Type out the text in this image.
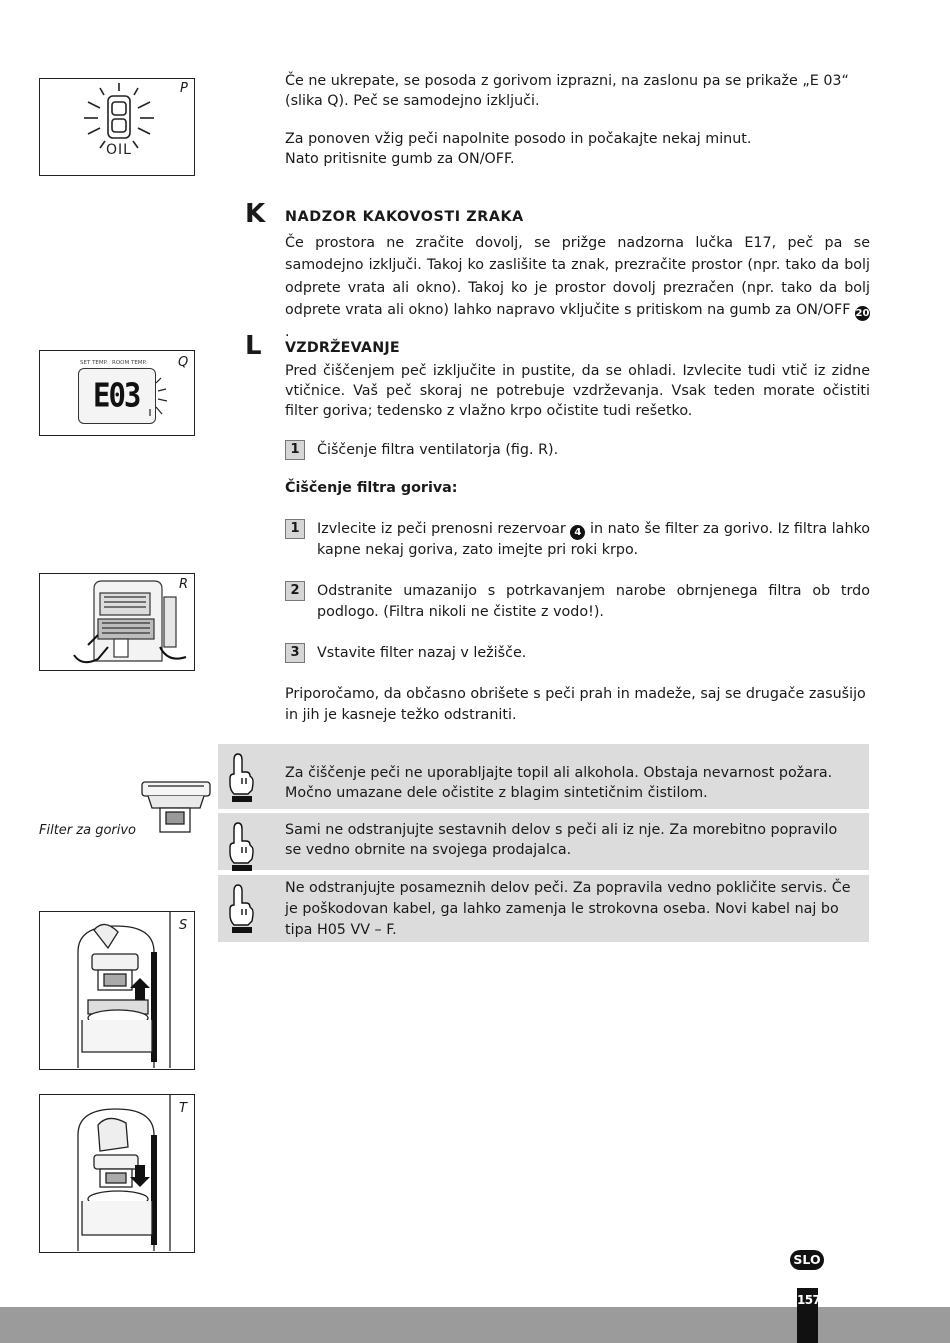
P
OIL
Q
SET TEMP. ROOM TEMP.
E03
R
Filter za gorivo
S
T
Če ne ukrepate, se posoda z gorivom izprazni, na zaslonu pa se prikaže „E 03“
(slika Q). Peč se samodejno izklјuči.
Za ponoven vžig peči napolnite posodo in počakajte nekaj minut.
Nato pritisnite gumb za ON/OFF.
K NADZOR KAKOVOSTI ZRAKA

Če prostora ne zračite dovolj, se prižge nadzorna lučka E17, peč pa se samodejno izklјuči. Takoj ko zaslišite ta znak, prezračite prostor (npr. tako da bolj odprete vrata ali okno). Takoj ko je prostor dovolj prezračen (npr. tako da bolj odprete vrata ali okno) lahko napravo vključite s pritiskom na gumb za ON/OFF 20.

L VZDRŽEVANJE

Pred čiščenjem peč izklјučite in pustite, da se ohladi. Izvlecite tudi vtič iz zidne vtičnice. Vaš peč skoraj ne potrebuje vzdrževanja. Vsak teden morate očistiti filter goriva; tedensko z vlažno krpo očistite tudi rešetko.

1	Čiščenje filtra ventilatorja (fig. R).
Čiščenje filtra goriva:
1	Izvlecite iz peči prenosni rezervoar 4 in nato še filter za gorivo. Iz filtra lahko kapne nekaj goriva, zato imejte pri roki krpo.
2	Odstranite umazanijo s potrkavanjem narobe obrnjenega filtra ob trdo podlogo. (Filtra nikoli ne čistite z vodo!).
3	Vstavite filter nazaj v ležišče.

Priporočamo, da občasno obrišete s peči prah in madeže, saj se drugače zasušijo in jih je kasneje težko odstraniti.

Za čiščenje peči ne uporabljajte topil ali alkohola. Obstaja nevarnost požara. Močno umazane dele očistite z blagim sintetičnim čistilom.
Sami ne odstranjujte sestavnih delov s peči ali iz nje. Za morebitno popravilo se vedno obrnite na svojega prodajalca.
Ne odstranjujte posameznih delov peči. Za popravila vedno pokličite servis. Če je poškodovan kabel, ga lahko zamenja le strokovna oseba. Novi kabel naj bo tipa H05 VV – F.
SLO
157
